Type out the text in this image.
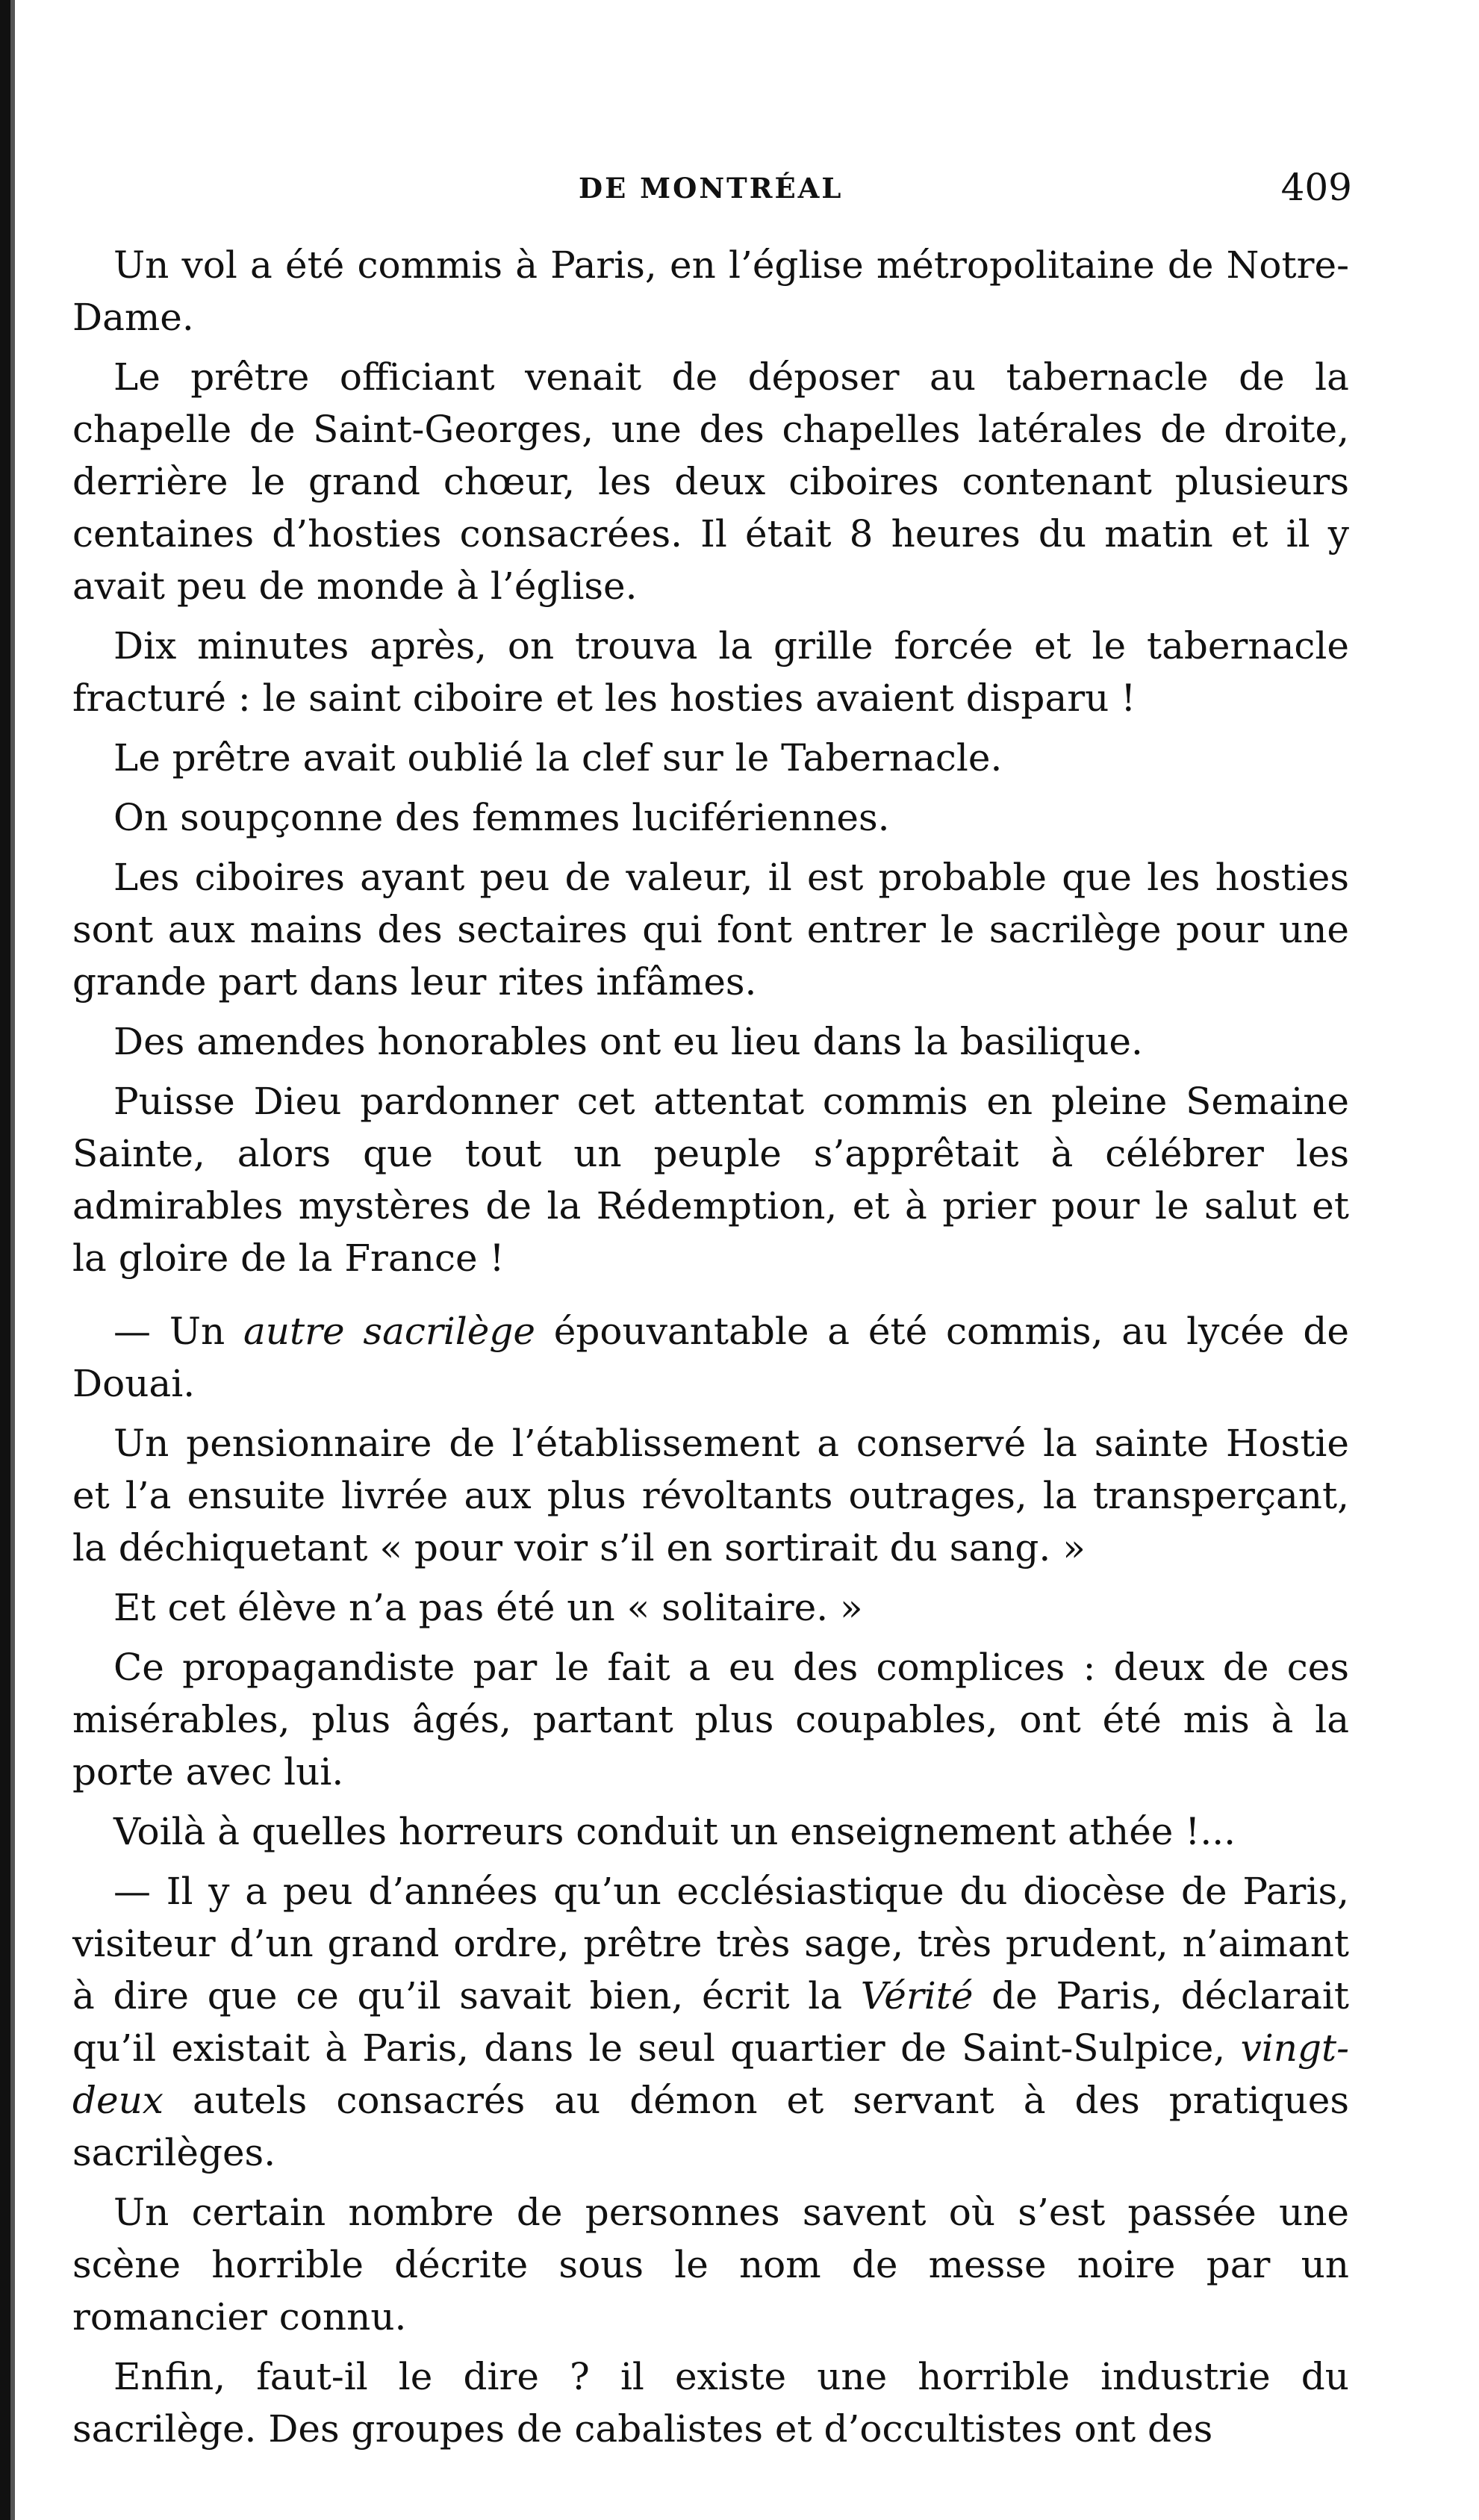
DE MONTRÉAL	409

Un vol a été commis à Paris, en l’église métropolitaine de Notre-Dame.

Le prêtre officiant venait de déposer au tabernacle de la chapelle de Saint-Georges, une des chapelles latérales de droite, derrière le grand chœur, les deux ciboires contenant plusieurs centaines d’hosties consacrées. Il était 8 heures du matin et il y avait peu de monde à l’église.

Dix minutes après, on trouva la grille forcée et le tabernacle fracturé : le saint ciboire et les hosties avaient disparu !

Le prêtre avait oublié la clef sur le Tabernacle.

On soupçonne des femmes lucifériennes.

Les ciboires ayant peu de valeur, il est probable que les hosties sont aux mains des sectaires qui font entrer le sacrilège pour une grande part dans leur rites infâmes.

Des amendes honorables ont eu lieu dans la basilique.

Puisse Dieu pardonner cet attentat commis en pleine Semaine Sainte, alors que tout un peuple s’apprêtait à célébrer les admirables mystères de la Rédemption, et à prier pour le salut et la gloire de la France !

— Un autre sacrilège épouvantable a été commis, au lycée de Douai.

Un pensionnaire de l’établissement a conservé la sainte Hostie et l’a ensuite livrée aux plus révoltants outrages, la transperçant, la déchiquetant « pour voir s’il en sortirait du sang. »

Et cet élève n’a pas été un « solitaire. »

Ce propagandiste par le fait a eu des complices : deux de ces misérables, plus âgés, partant plus coupables, ont été mis à la porte avec lui.

Voilà à quelles horreurs conduit un enseignement athée !...

— Il y a peu d’années qu’un ecclésiastique du diocèse de Paris, visiteur d’un grand ordre, prêtre très sage, très prudent, n’aimant à dire que ce qu’il savait bien, écrit la Vérité de Paris, déclarait qu’il existait à Paris, dans le seul quartier de Saint-Sulpice, vingt-deux autels consacrés au démon et servant à des pratiques sacrilèges.

Un certain nombre de personnes savent où s’est passée une scène horrible décrite sous le nom de messe noire par un romancier connu.

Enfin, faut-il le dire ? il existe une horrible industrie du sacrilège. Des groupes de cabalistes et d’occultistes ont des
